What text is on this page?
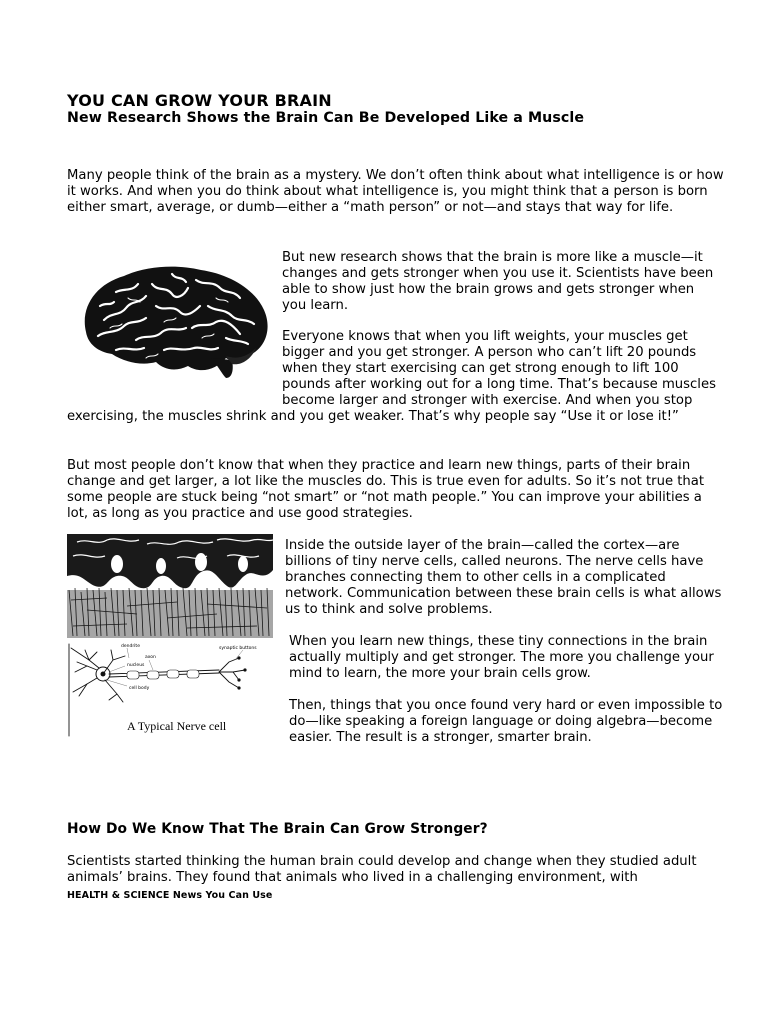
YOU CAN GROW YOUR BRAIN
New Research Shows the Brain Can Be Developed Like a Muscle

Many people think of the brain as a mystery. We don’t often think about what intelligence is or how it works. And when you do think about what intelligence is, you might think that a person is born either smart, average, or dumb—either a “math person” or not—and stays that way for life.

But new research shows that the brain is more like a muscle—it changes and gets stronger when you use it. Scientists have been able to show just how the brain grows and gets stronger when you learn.

Everyone knows that when you lift weights, your muscles get bigger and you get stronger. A person who can’t lift 20 pounds when they start exercising can get strong enough to lift 100 pounds after working out for a long time. That’s because muscles become larger and stronger with exercise. And when you stop exercising, the muscles shrink and you get weaker. That’s why people say “Use it or lose it!”

But most people don’t know that when they practice and learn new things, parts of their brain change and get larger, a lot like the muscles do. This is true even for adults. So it’s not true that some people are stuck being “not smart” or “not math people.” You can improve your abilities a lot, as long as you practice and use good strategies.

Inside the outside layer of the brain—called the cortex—are billions of tiny nerve cells, called neurons. The nerve cells have branches connecting them to other cells in a complicated network. Communication between these brain cells is what allows us to think and solve problems.

dendrite
axon
nucleus
synaptic buttons
cell body
A Typical Nerve cell

When you learn new things, these tiny connections in the brain actually multiply and get stronger. The more you challenge your mind to learn, the more your brain cells grow.

Then, things that you once found very hard or even impossible to do—like speaking a foreign language or doing algebra—become easier. The result is a stronger, smarter brain.
How Do We Know That The Brain Can Grow Stronger?

Scientists started thinking the human brain could develop and change when they studied adult animals’ brains. They found that animals who lived in a challenging environment, with

HEALTH & SCIENCE News You Can Use
